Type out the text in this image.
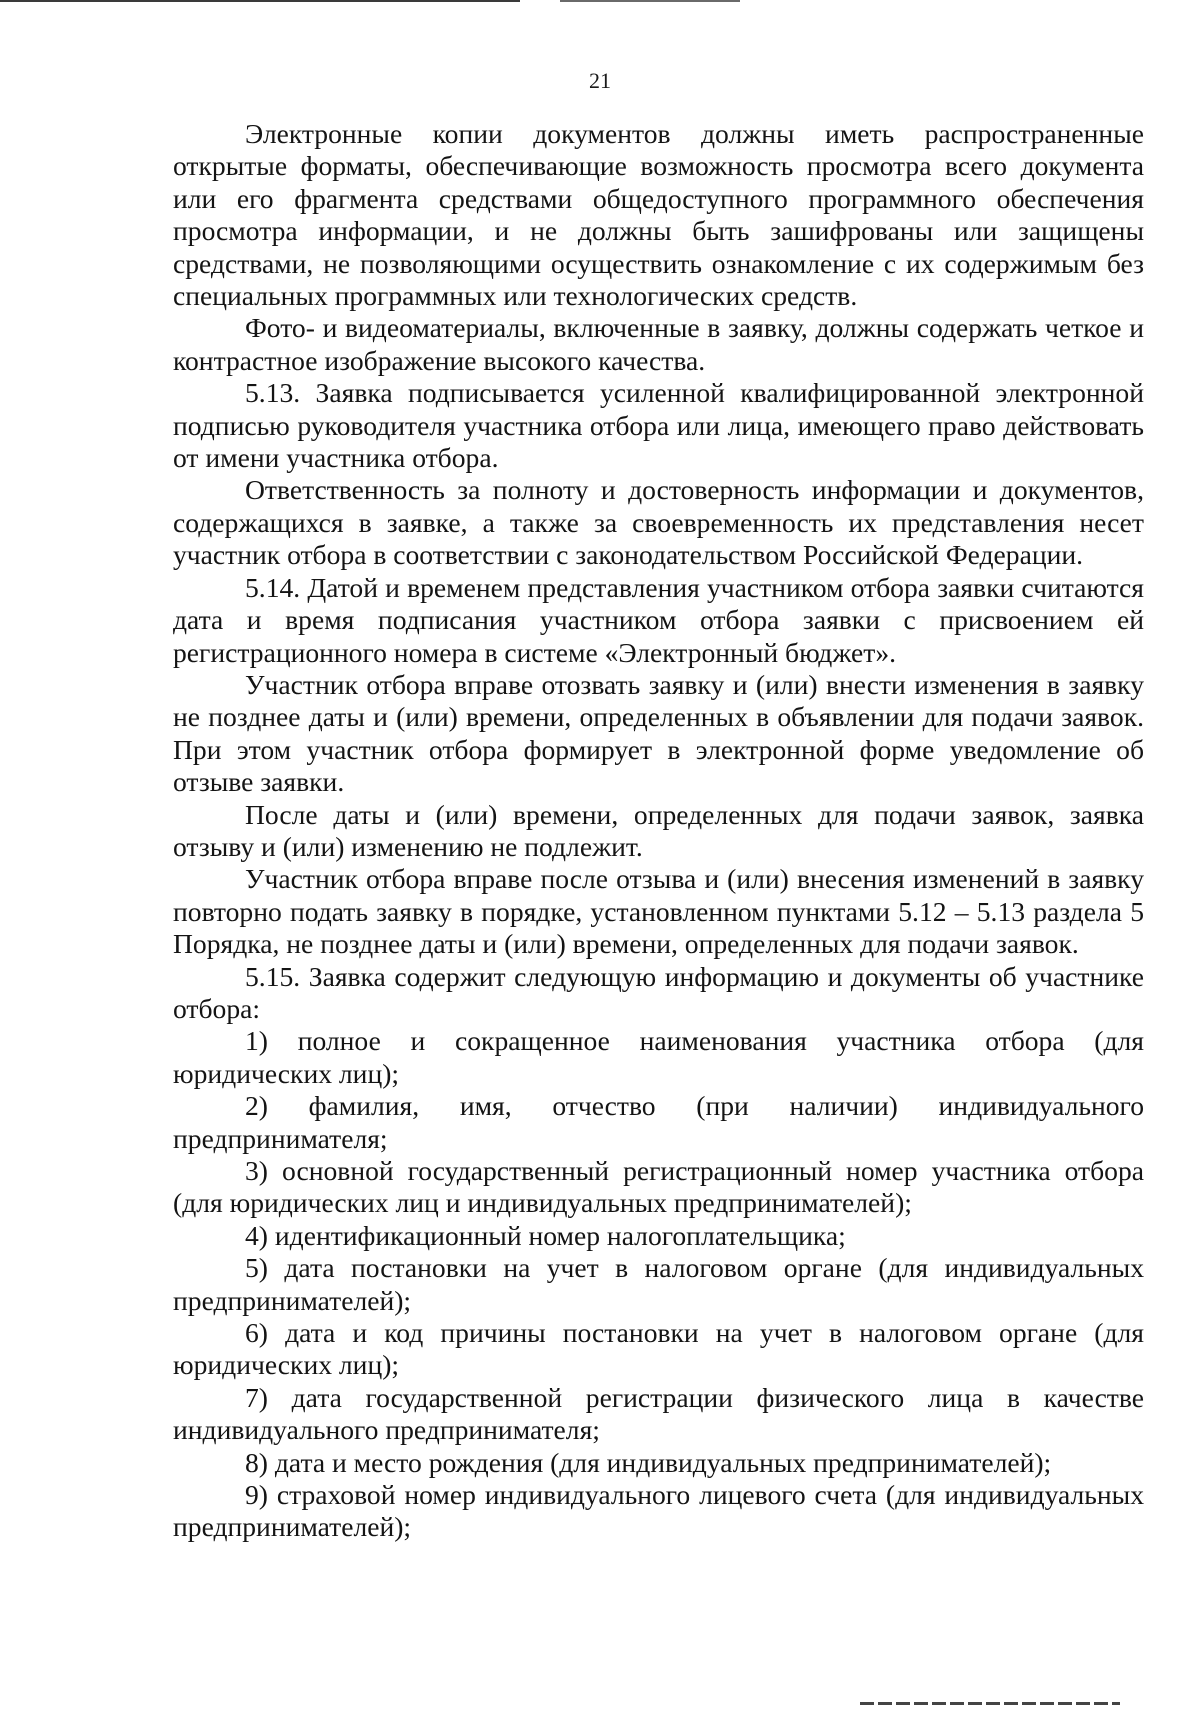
21

Электронные копии документов должны иметь распространенные открытые форматы, обеспечивающие возможность просмотра всего документа или его фрагмента средствами общедоступного программного обеспечения просмотра информации, и не должны быть зашифрованы или защищены средствами, не позволяющими осуществить ознакомление с их содержимым без специальных программных или технологических средств.

Фото- и видеоматериалы, включенные в заявку, должны содержать четкое и контрастное изображение высокого качества.

5.13. Заявка подписывается усиленной квалифицированной электронной подписью руководителя участника отбора или лица, имеющего право действовать от имени участника отбора.

Ответственность за полноту и достоверность информации и документов, содержащихся в заявке, а также за своевременность их представления несет участник отбора в соответствии с законодательством Российской Федерации.

5.14. Датой и временем представления участником отбора заявки считаются дата и время подписания участником отбора заявки с присвоением ей регистрационного номера в системе «Электронный бюджет».

Участник отбора вправе отозвать заявку и (или) внести изменения в заявку не позднее даты и (или) времени, определенных в объявлении для подачи заявок. При этом участник отбора формирует в электронной форме уведомление об отзыве заявки.

После даты и (или) времени, определенных для подачи заявок, заявка отзыву и (или) изменению не подлежит.

Участник отбора вправе после отзыва и (или) внесения изменений в заявку повторно подать заявку в порядке, установленном пунктами 5.12 – 5.13 раздела 5 Порядка, не позднее даты и (или) времени, определенных для подачи заявок.

5.15. Заявка содержит следующую информацию и документы об участнике отбора:

1) полное и сокращенное наименования участника отбора (для юридических лиц);

2) фамилия, имя, отчество (при наличии) индивидуального предпринимателя;

3) основной государственный регистрационный номер участника отбора (для юридических лиц и индивидуальных предпринимателей);

4) идентификационный номер налогоплательщика;

5) дата постановки на учет в налоговом органе (для индивидуальных предпринимателей);

6) дата и код причины постановки на учет в налоговом органе (для юридических лиц);

7) дата государственной регистрации физического лица в качестве индивидуального предпринимателя;

8) дата и место рождения (для индивидуальных предпринимателей);

9) страховой номер индивидуального лицевого счета (для индивидуальных предпринимателей);
